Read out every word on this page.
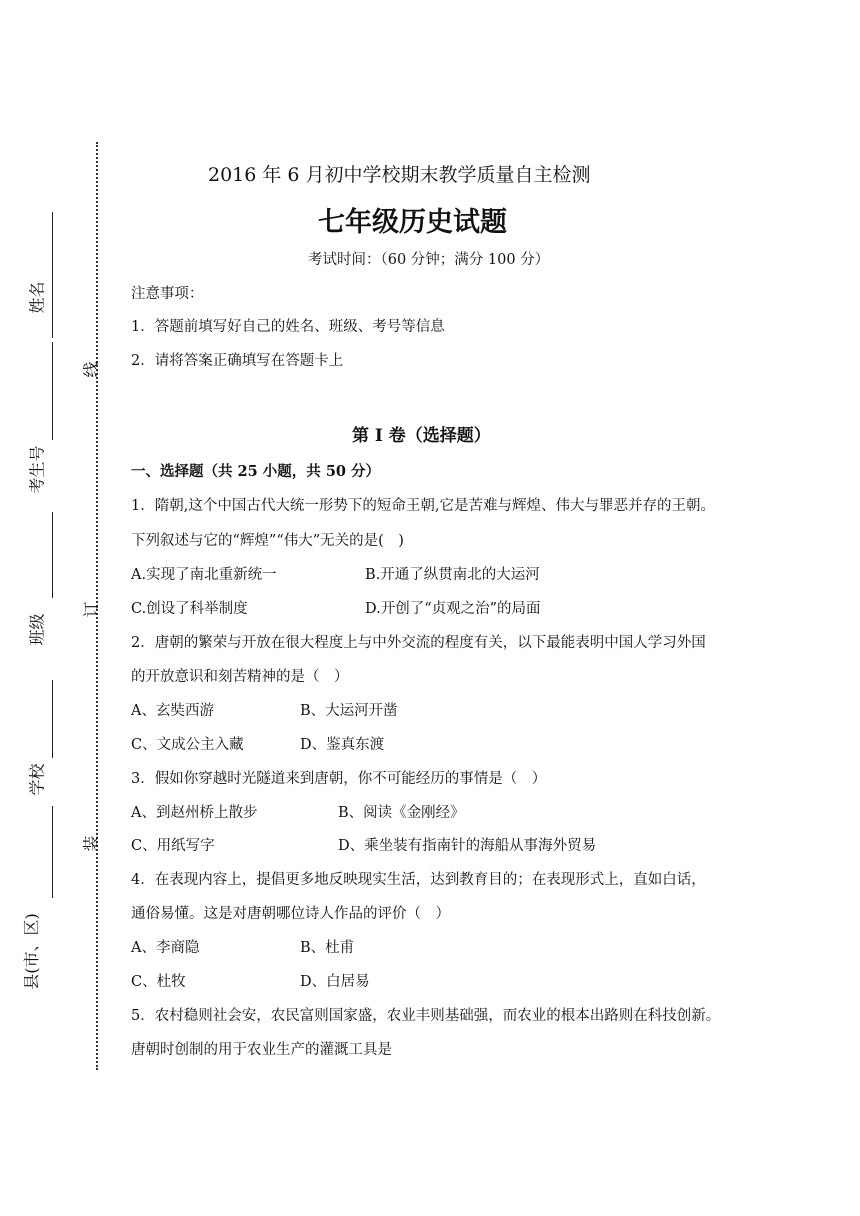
姓名
考生号
班级
学校
县(市、区)
线
订
装
2016 年 6 月初中学校期末教学质量自主检测
七年级历史试题
考试时间：（60 分钟；满分 100 分）
注意事项：
1．答题前填写好自己的姓名、班级、考号等信息
2．请将答案正确填写在答题卡上
第 I 卷（选择题）
一、选择题（共 25 小题，共 50 分）
1．隋朝,这个中国古代大统一形势下的短命王朝,它是苦难与辉煌、伟大与罪恶并存的王朝。
下列叙述与它的“辉煌”“伟大”无关的是(　)
A.实现了南北重新统一	B.开通了纵贯南北的大运河
C.创设了科举制度	D.开创了“贞观之治”的局面
2．唐朝的繁荣与开放在很大程度上与中外交流的程度有关，以下最能表明中国人学习外国
的开放意识和刻苦精神的是（　）
A、玄奘西游	B、大运河开凿
C、文成公主入藏	D、鉴真东渡
3．假如你穿越时光隧道来到唐朝，你不可能经历的事情是（　）
A、到赵州桥上散步	B、阅读《金刚经》
C、用纸写字	D、乘坐装有指南针的海船从事海外贸易
4．在表现内容上，提倡更多地反映现实生活，达到教育目的；在表现形式上，直如白话，
通俗易懂。这是对唐朝哪位诗人作品的评价（　）
A、李商隐	B、杜甫
C、杜牧	D、白居易
5．农村稳则社会安，农民富则国家盛，农业丰则基础强，而农业的根本出路则在科技创新。
唐朝时创制的用于农业生产的灌溉工具是
